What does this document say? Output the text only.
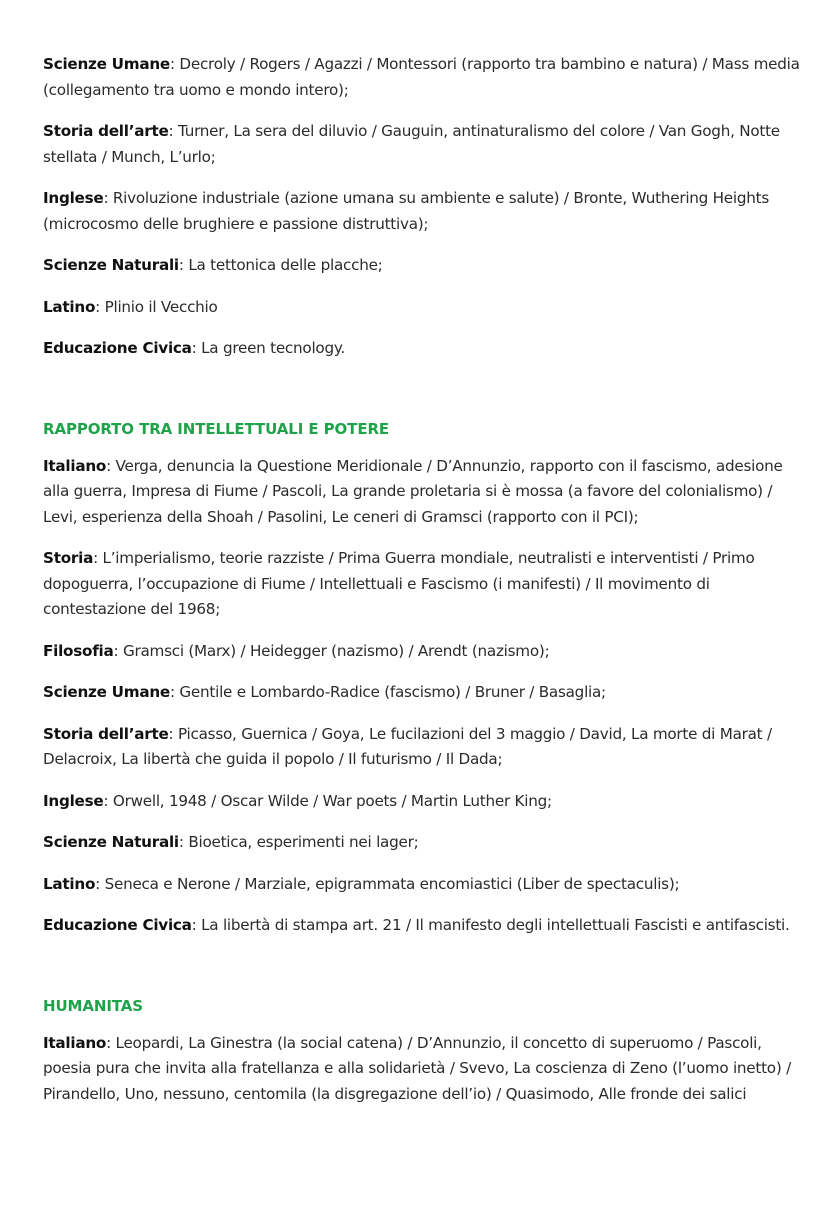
Scienze Umane: Decroly / Rogers / Agazzi / Montessori (rapporto tra bambino e natura) / Mass media (collegamento tra uomo e mondo intero);

Storia dell’arte: Turner, La sera del diluvio / Gauguin, antinaturalismo del colore / Van Gogh, Notte stellata / Munch, L’urlo;

Inglese: Rivoluzione industriale (azione umana su ambiente e salute) / Bronte, Wuthering Heights (microcosmo delle brughiere e passione distruttiva);

Scienze Naturali: La tettonica delle placche;

Latino: Plinio il Vecchio

Educazione Civica: La green tecnology.

RAPPORTO TRA INTELLETTUALI E POTERE

Italiano: Verga, denuncia la Questione Meridionale / D’Annunzio, rapporto con il fascismo, adesione alla guerra, Impresa di Fiume / Pascoli, La grande proletaria si è mossa (a favore del colonialismo) / Levi, esperienza della Shoah / Pasolini, Le ceneri di Gramsci (rapporto con il PCI);

Storia: L’imperialismo, teorie razziste / Prima Guerra mondiale, neutralisti e interventisti / Primo dopoguerra, l’occupazione di Fiume / Intellettuali e Fascismo (i manifesti) / Il movimento di contestazione del 1968;

Filosofia: Gramsci (Marx) / Heidegger (nazismo) / Arendt (nazismo);

Scienze Umane: Gentile e Lombardo-Radice (fascismo) / Bruner / Basaglia;

Storia dell’arte: Picasso, Guernica / Goya, Le fucilazioni del 3 maggio / David, La morte di Marat / Delacroix, La libertà che guida il popolo / Il futurismo / Il Dada;

Inglese: Orwell, 1948 / Oscar Wilde / War poets / Martin Luther King;

Scienze Naturali: Bioetica, esperimenti nei lager;

Latino: Seneca e Nerone / Marziale, epigrammata encomiastici (Liber de spectaculis);

Educazione Civica: La libertà di stampa art. 21 / Il manifesto degli intellettuali Fascisti e antifascisti.

HUMANITAS

Italiano: Leopardi, La Ginestra (la social catena) / D’Annunzio, il concetto di superuomo / Pascoli, poesia pura che invita alla fratellanza e alla solidarietà / Svevo, La coscienza di Zeno (l’uomo inetto) / Pirandello, Uno, nessuno, centomila (la disgregazione dell’io) / Quasimodo, Alle fronde dei salici
